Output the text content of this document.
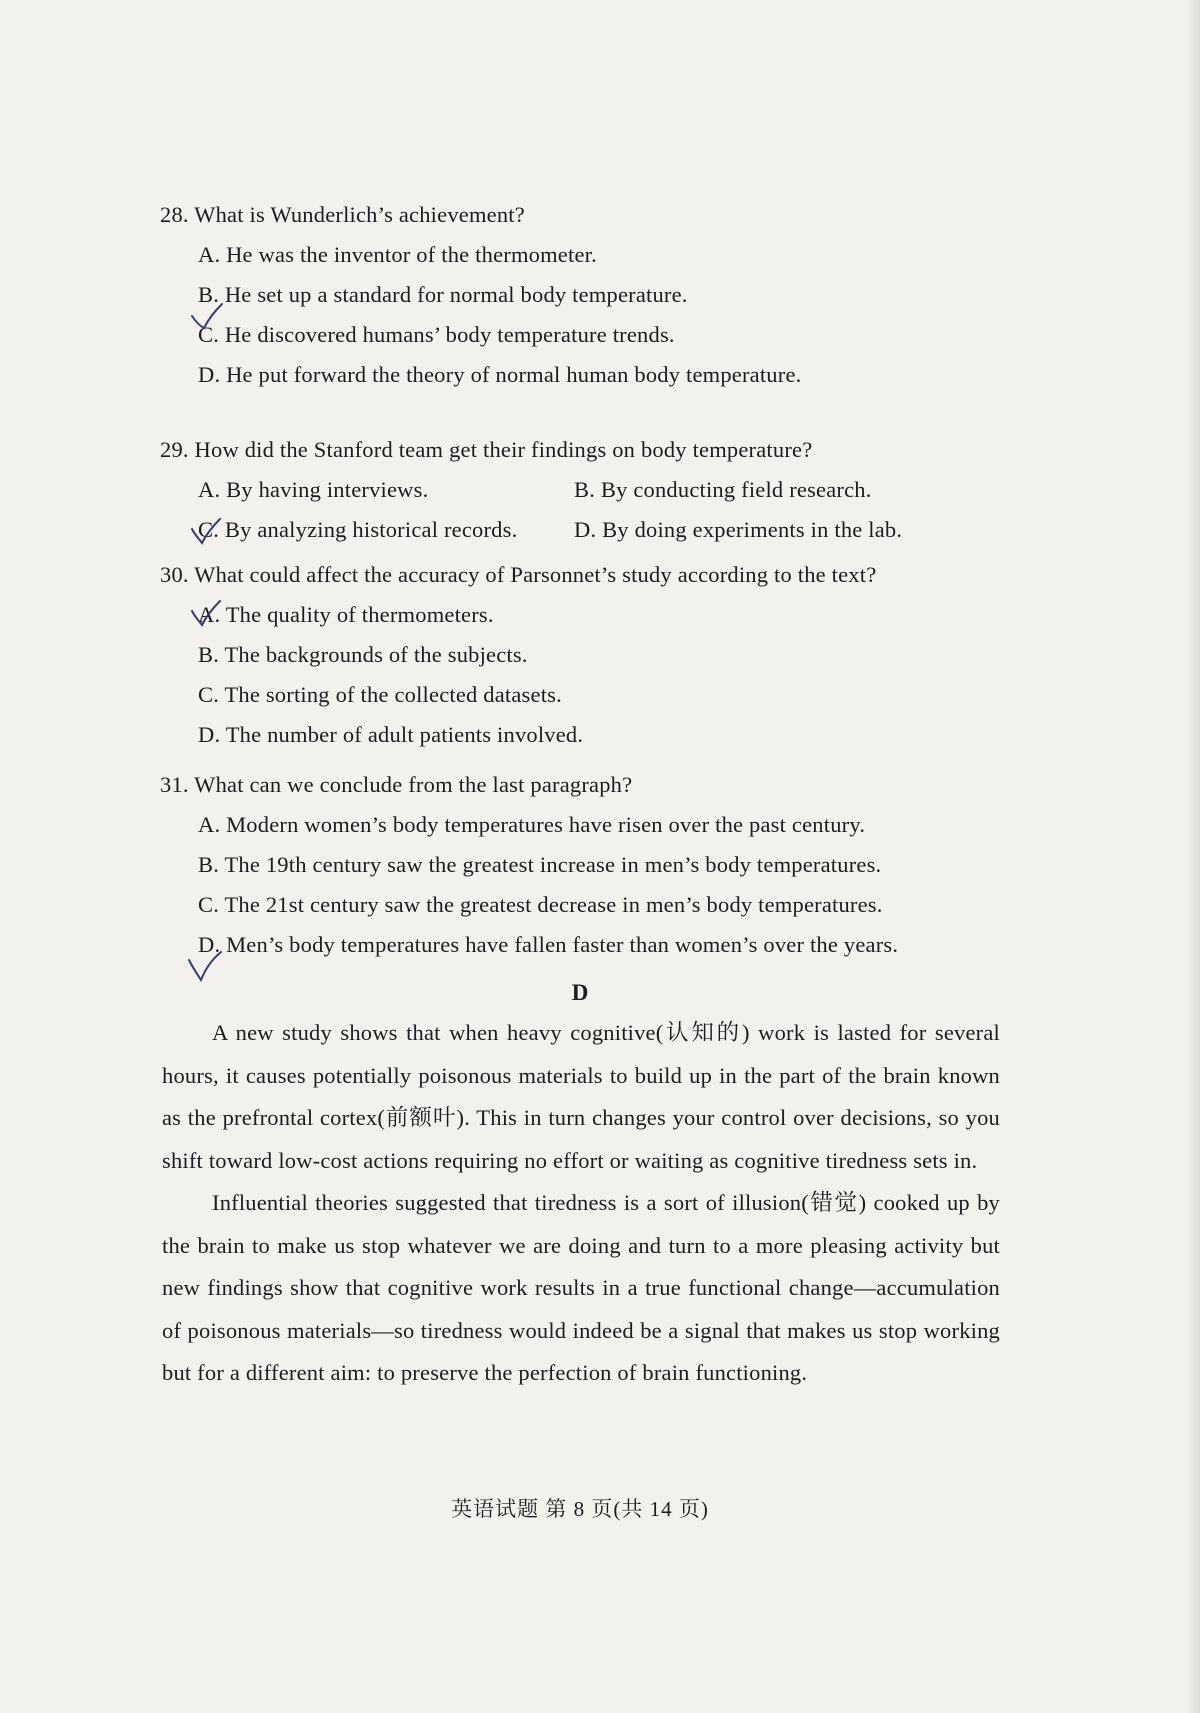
28. What is Wunderlich’s achievement?
A. He was the inventor of the thermometer.
B. He set up a standard for normal body temperature.
C. He discovered humans’ body temperature trends.
D. He put forward the theory of normal human body temperature.
29. How did the Stanford team get their findings on body temperature?
A. By having interviews.	B. By conducting field research.
C. By analyzing historical records.	D. By doing experiments in the lab.
30. What could affect the accuracy of Parsonnet’s study according to the text?
A. The quality of thermometers.
B. The backgrounds of the subjects.
C. The sorting of the collected datasets.
D. The number of adult patients involved.
31. What can we conclude from the last paragraph?
A. Modern women’s body temperatures have risen over the past century.
B. The 19th century saw the greatest increase in men’s body temperatures.
C. The 21st century saw the greatest decrease in men’s body temperatures.
D. Men’s body temperatures have fallen faster than women’s over the years.
D

A new study shows that when heavy cognitive(认知的) work is lasted for several hours, it causes potentially poisonous materials to build up in the part of the brain known as the prefrontal cortex(前额叶). This in turn changes your control over decisions, so you shift toward low-cost actions requiring no effort or waiting as cognitive tiredness sets in.

Influential theories suggested that tiredness is a sort of illusion(错觉) cooked up by the brain to make us stop whatever we are doing and turn to a more pleasing activity but new findings show that cognitive work results in a true functional change—accumulation of poisonous materials—so tiredness would indeed be a signal that makes us stop working but for a different aim: to preserve the perfection of brain functioning.

英语试题 第 8 页(共 14 页)
